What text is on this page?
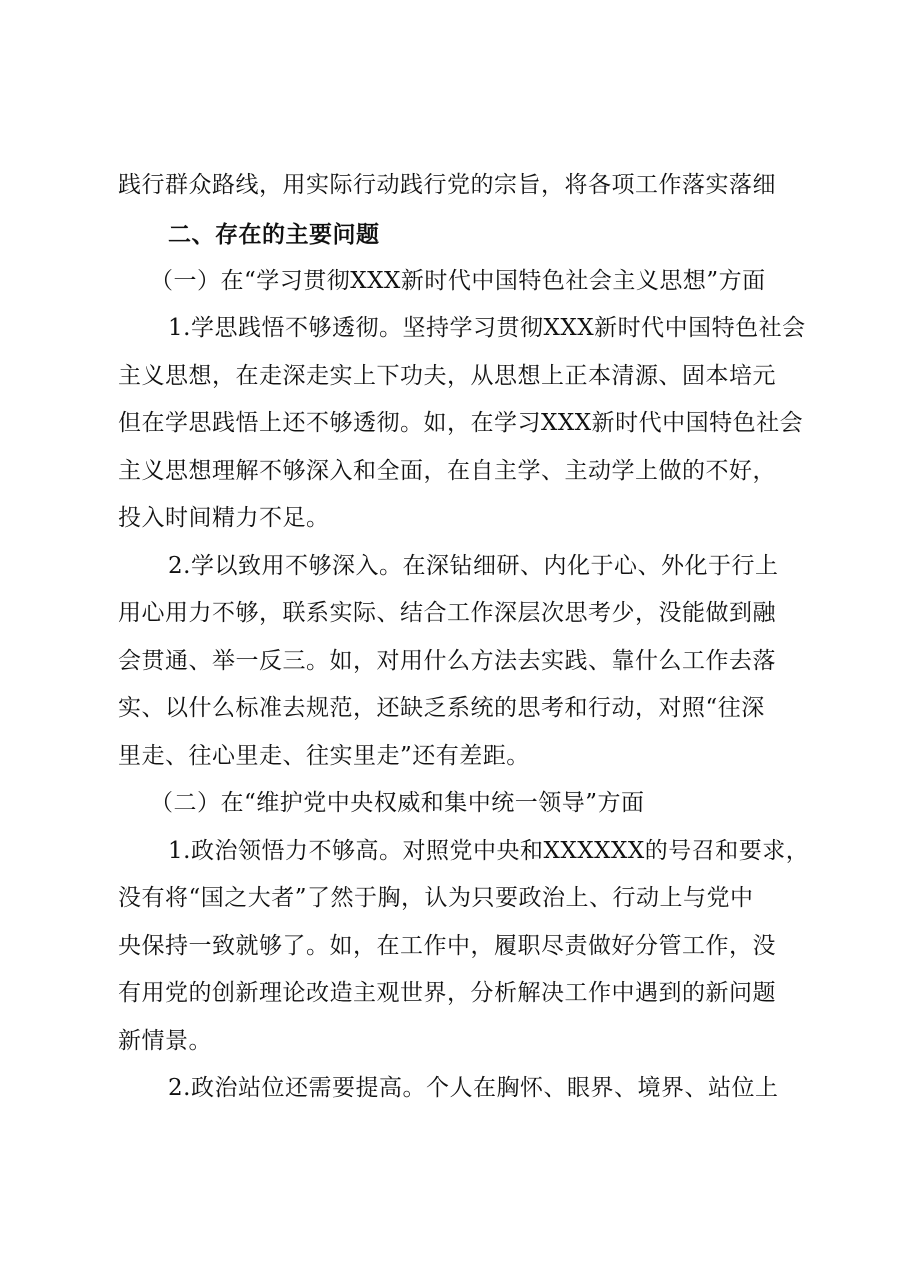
践行群众路线，用实际行动践行党的宗旨，将各项工作落实落细
二、存在的主要问题
（一）在“学习贯彻XXX新时代中国特色社会主义思想”方面
1.学思践悟不够透彻。坚持学习贯彻XXX新时代中国特色社会
主义思想，在走深走实上下功夫，从思想上正本清源、固本培元
但在学思践悟上还不够透彻。如，在学习XXX新时代中国特色社会
主义思想理解不够深入和全面，在自主学、主动学上做的不好，
投入时间精力不足。
2.学以致用不够深入。在深钻细研、内化于心、外化于行上
用心用力不够，联系实际、结合工作深层次思考少，没能做到融
会贯通、举一反三。如，对用什么方法去实践、靠什么工作去落
实、以什么标准去规范，还缺乏系统的思考和行动，对照“往深
里走、往心里走、往实里走”还有差距。
（二）在“维护党中央权威和集中统一领导”方面
1.政治领悟力不够高。对照党中央和XXXXXX的号召和要求，
没有将“国之大者”了然于胸，认为只要政治上、行动上与党中
央保持一致就够了。如，在工作中，履职尽责做好分管工作，没
有用党的创新理论改造主观世界，分析解决工作中遇到的新问题
新情景。
2.政治站位还需要提高。个人在胸怀、眼界、境界、站位上
